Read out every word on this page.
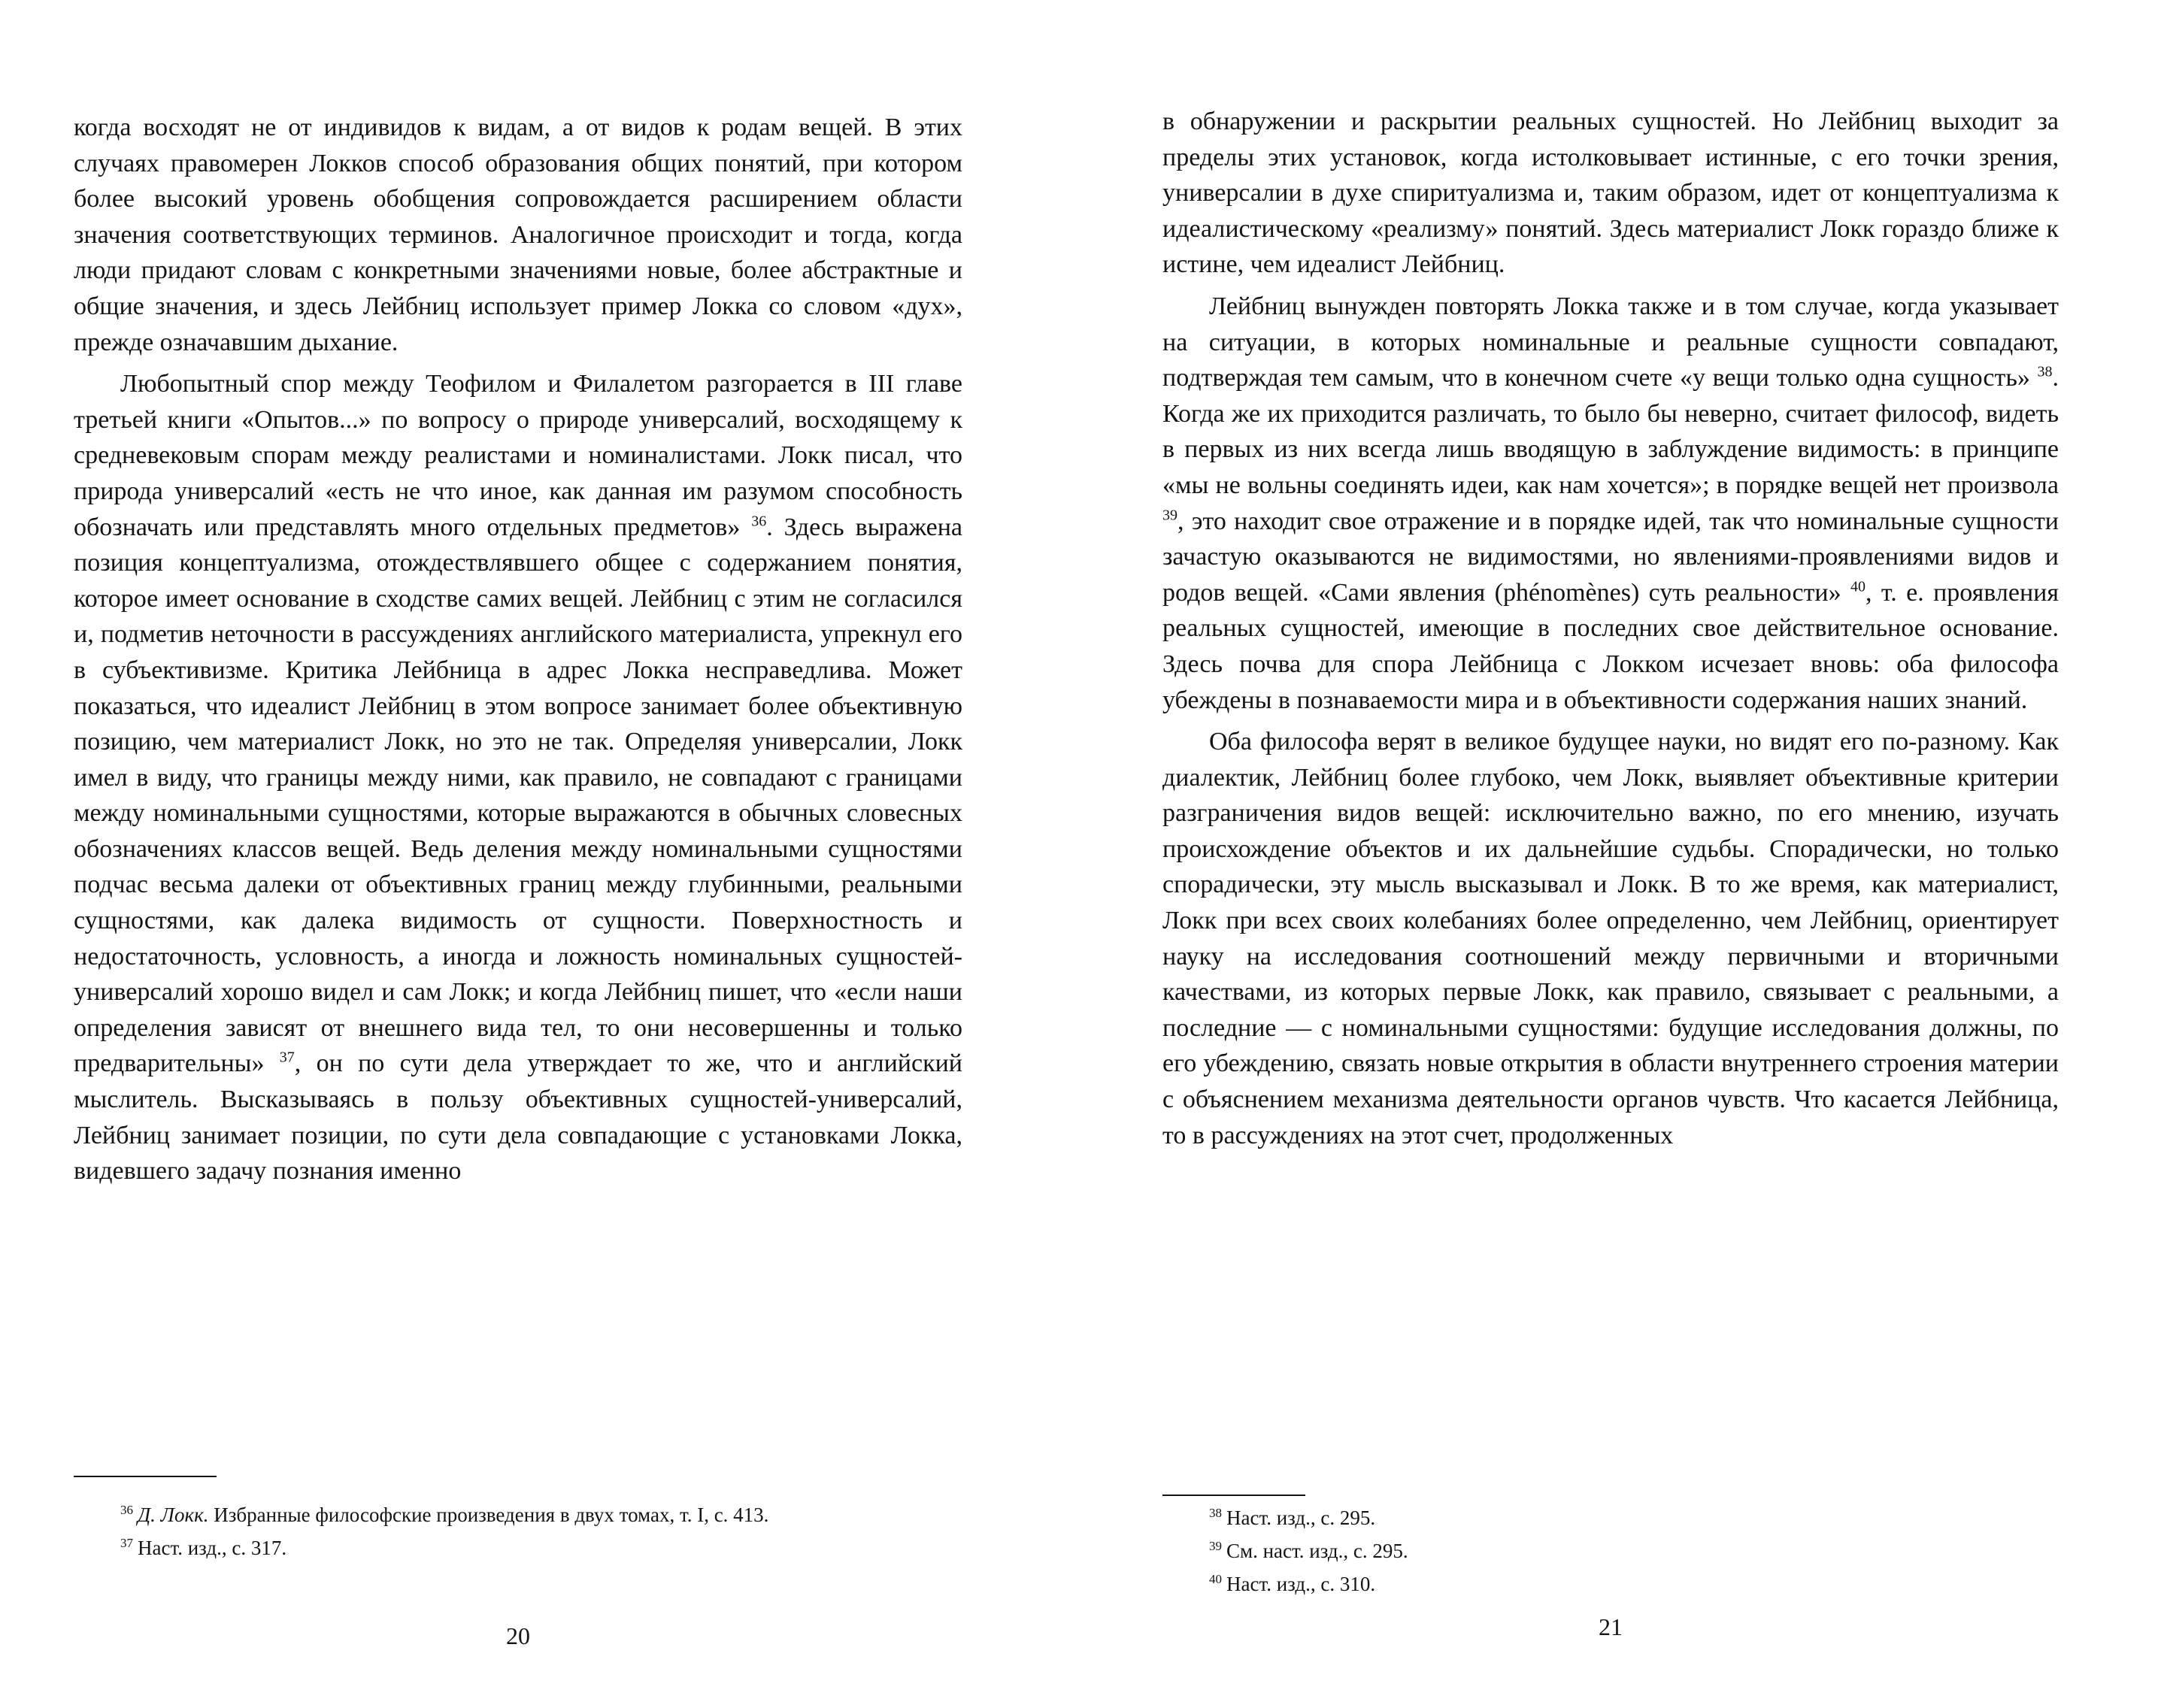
когда восходят не от индивидов к видам, а от видов к родам вещей. В этих случаях правомерен Локков способ образования общих понятий, при котором более высокий уровень обобщения сопровождается расширением области значения соответствующих терминов. Аналогичное происходит и тогда, когда люди придают словам с конкретными значениями новые, более абстрактные и общие значения, и здесь Лейбниц использует пример Локка со словом «дух», прежде означавшим дыхание.

Любопытный спор между Теофилом и Филалетом разгорается в III главе третьей книги «Опытов...» по вопросу о природе универсалий, восходящему к средневековым спорам между реалистами и номиналистами. Локк писал, что природа универсалий «есть не что иное, как данная им разумом способность обозначать или представлять много отдельных предметов» $^{36}$. Здесь выражена позиция концептуализма, отождествлявшего общее с содержанием понятия, которое имеет основание в сходстве самих вещей. Лейбниц с этим не согласился и, подметив неточности в рассуждениях английского материалиста, упрекнул его в субъективизме. Критика Лейбница в адрес Локка несправедлива. Может показаться, что идеалист Лейбниц в этом вопросе занимает более объективную позицию, чем материалист Локк, но это не так. Определяя универсалии, Локк имел в виду, что границы между ними, как правило, не совпадают с границами между номинальными сущностями, которые выражаются в обычных словесных обозначениях классов вещей. Ведь деления между номинальными сущностями подчас весьма далеки от объективных границ между глубинными, реальными сущностями, как далека видимость от сущности. Поверхностность и недостаточность, условность, а иногда и ложность номинальных сущностей-универсалий хорошо видел и сам Локк; и когда Лейбниц пишет, что «если наши определения зависят от внешнего вида тел, то они несовершенны и только предварительны» $^{37}$, он по сути дела утверждает то же, что и английский мыслитель. Высказываясь в пользу объективных сущностей-универсалий, Лейбниц занимает позиции, по сути дела совпадающие с установками Локка, видевшего задачу познания именно

$^{36}$ Д. Локк. Избранные философские произведения в двух томах, т. I, с. 413.

$^{37}$ Наст. изд., с. 317.

20

в обнаружении и раскрытии реальных сущностей. Но Лейбниц выходит за пределы этих установок, когда истолковывает истинные, с его точки зрения, универсалии в духе спиритуализма и, таким образом, идет от концептуализма к идеалистическому «реализму» понятий. Здесь материалист Локк гораздо ближе к истине, чем идеалист Лейбниц.

Лейбниц вынужден повторять Локка также и в том случае, когда указывает на ситуации, в которых номинальные и реальные сущности совпадают, подтверждая тем самым, что в конечном счете «у вещи только одна сущность» $^{38}$. Когда же их приходится различать, то было бы неверно, считает философ, видеть в первых из них всегда лишь вводящую в заблуждение видимость: в принципе «мы не вольны соединять идеи, как нам хочется»; в порядке вещей нет произвола $^{39}$, это находит свое отражение и в порядке идей, так что номинальные сущности зачастую оказываются не видимостями, но явлениями-проявлениями видов и родов вещей. «Сами явления (phénomènes) суть реальности» $^{40}$, т. е. проявления реальных сущностей, имеющие в последних свое действительное основание. Здесь почва для спора Лейбница с Локком исчезает вновь: оба философа убеждены в познаваемости мира и в объективности содержания наших знаний.

Оба философа верят в великое будущее науки, но видят его по-разному. Как диалектик, Лейбниц более глубоко, чем Локк, выявляет объективные критерии разграничения видов вещей: исключительно важно, по его мнению, изучать происхождение объектов и их дальнейшие судьбы. Спорадически, но только спорадически, эту мысль высказывал и Локк. В то же время, как материалист, Локк при всех своих колебаниях более определенно, чем Лейбниц, ориентирует науку на исследования соотношений между первичными и вторичными качествами, из которых первые Локк, как правило, связывает с реальными, а последние — с номинальными сущностями: будущие исследования должны, по его убеждению, связать новые открытия в области внутреннего строения материи с объяснением механизма деятельности органов чувств. Что касается Лейбница, то в рассуждениях на этот счет, продолженных

$^{38}$ Наст. изд., с. 295.

$^{39}$ См. наст. изд., с. 295.

$^{40}$ Наст. изд., с. 310.

21
